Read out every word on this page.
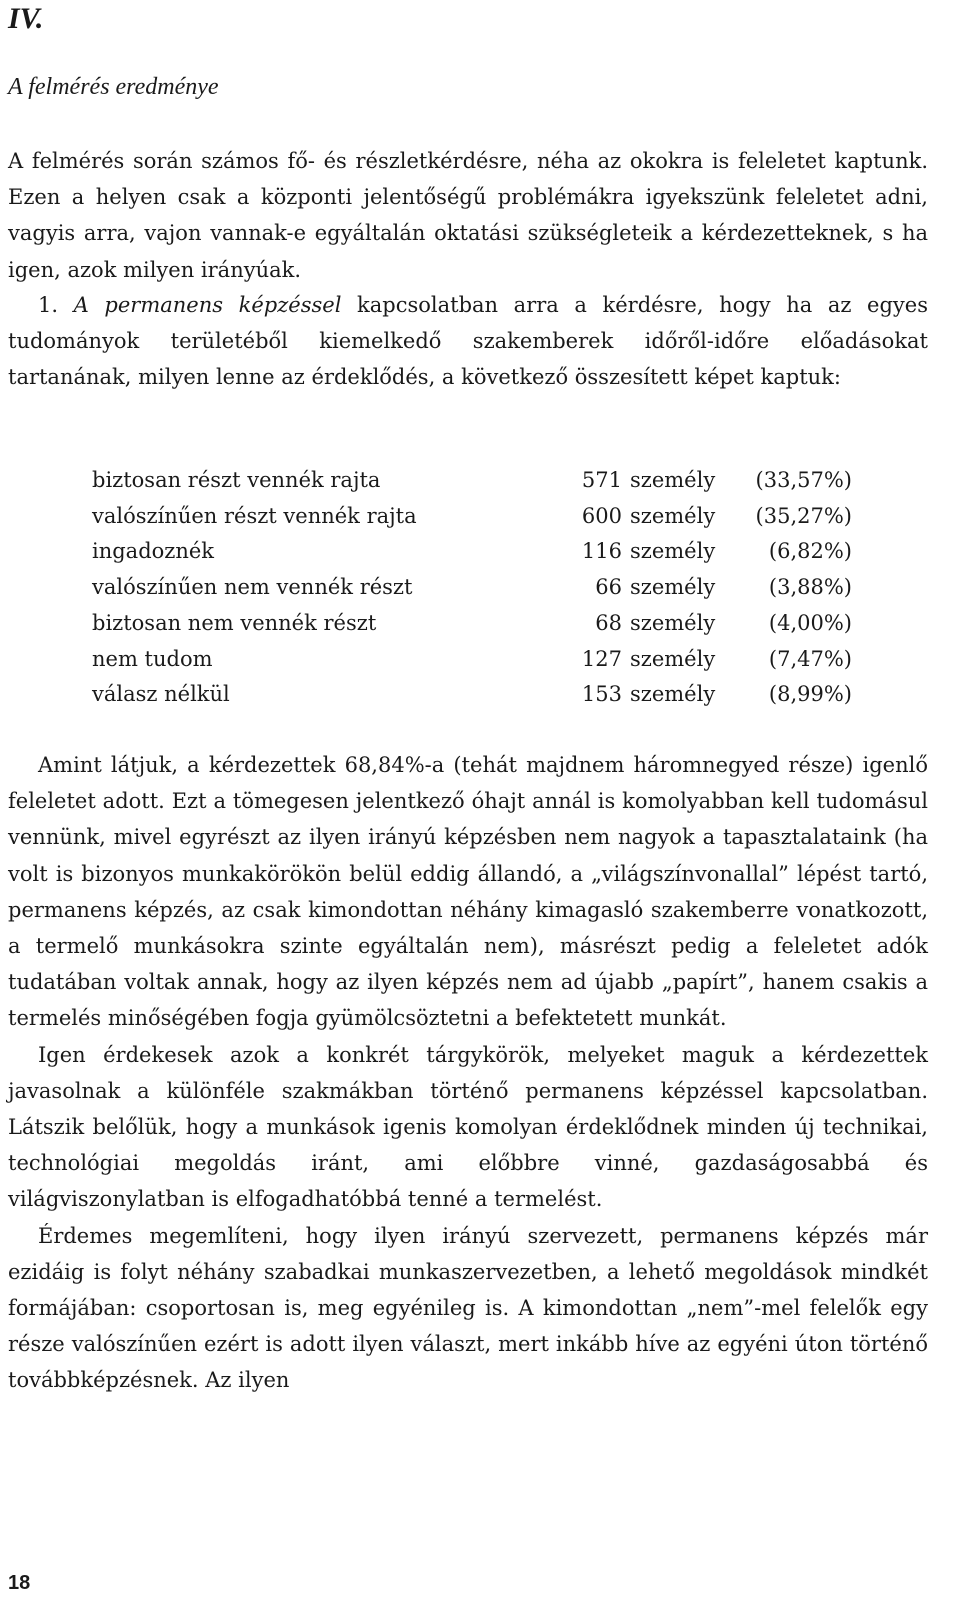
IV.
A felmérés eredménye

A felmérés során számos fő- és részletkérdésre, néha az okokra is feleletet kaptunk. Ezen a helyen csak a központi jelentőségű problémákra igyekszünk feleletet adni, vagyis arra, vajon vannak-e egyáltalán oktatási szükségleteik a kérdezetteknek, s ha igen, azok milyen irányúak.

1. A permanens képzéssel kapcsolatban arra a kérdésre, hogy ha az egyes tudományok területéből kiemelkedő szakemberek időről-időre előadásokat tartanának, milyen lenne az érdeklődés, a következő összesített képet kaptuk:

biztosan részt vennék rajta	571	személy	(33,57%)
valószínűen részt vennék rajta	600	személy	(35,27%)
ingadoznék	116	személy	(6,82%)
valószínűen nem vennék részt	66	személy	(3,88%)
biztosan nem vennék részt	68	személy	(4,00%)
nem tudom	127	személy	(7,47%)
válasz nélkül	153	személy	(8,99%)

Amint látjuk, a kérdezettek 68,84%-a (tehát majdnem háromnegyed része) igenlő feleletet adott. Ezt a tömegesen jelentkező óhajt annál is komolyabban kell tudomásul vennünk, mivel egyrészt az ilyen irányú képzésben nem nagyok a tapasztalataink (ha volt is bizonyos munkakörökön belül eddig állandó, a „világszínvonallal” lépést tartó, permanens képzés, az csak kimondottan néhány kimagasló szakemberre vonatkozott, a termelő munkásokra szinte egyáltalán nem), másrészt pedig a feleletet adók tudatában voltak annak, hogy az ilyen képzés nem ad újabb „papírt”, hanem csakis a termelés minőségében fogja gyümölcsöztetni a befektetett munkát.

Igen érdekesek azok a konkrét tárgykörök, melyeket maguk a kérdezettek javasolnak a különféle szakmákban történő permanens képzéssel kapcsolatban. Látszik belőlük, hogy a munkások igenis komolyan érdeklődnek minden új technikai, technológiai megoldás iránt, ami előbbre vinné, gazdaságosabbá és világviszonylatban is elfogadhatóbbá tenné a termelést.

Érdemes megemlíteni, hogy ilyen irányú szervezett, permanens képzés már ezidáig is folyt néhány szabadkai munkaszervezetben, a lehető megoldások mindkét formájában: csoportosan is, meg egyénileg is. A kimondottan „nem”-mel felelők egy része valószínűen ezért is adott ilyen választ, mert inkább híve az egyéni úton történő továbbképzésnek. Az ilyen

18
